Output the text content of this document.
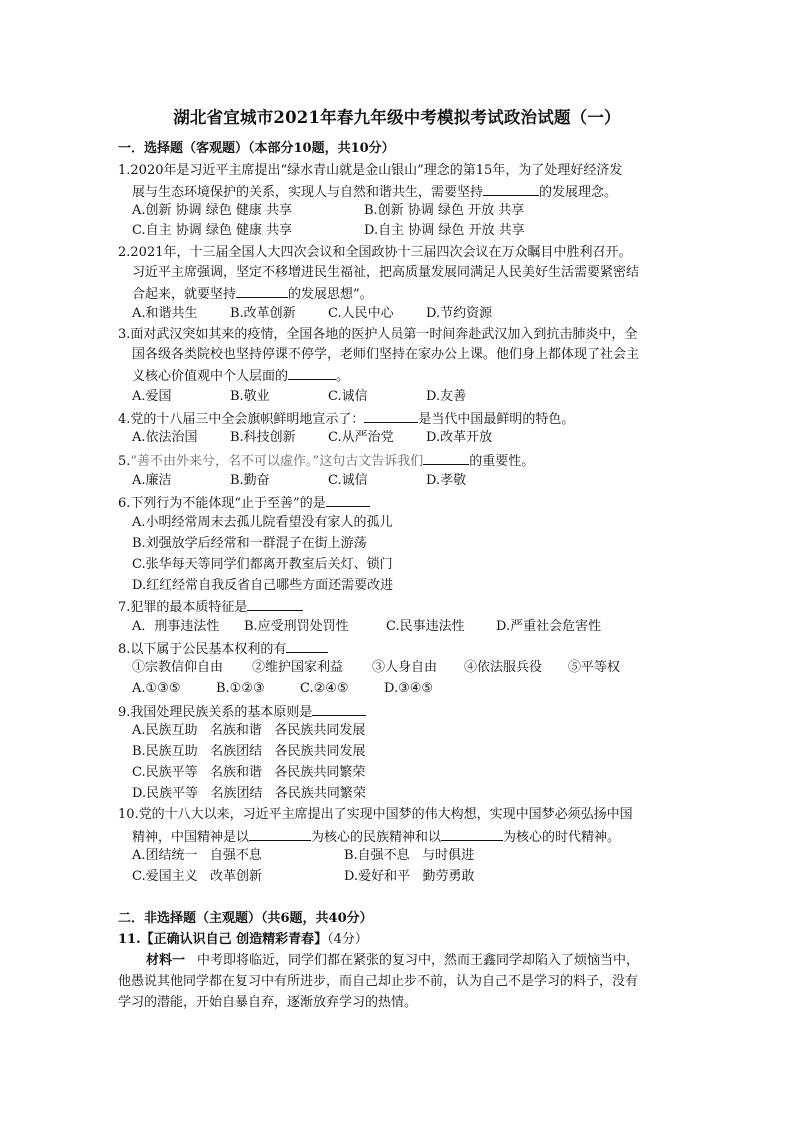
湖北省宜城市2021年春九年级中考模拟考试政治试题（一）
一．选择题（客观题）（本部分10题，共10分）
1.2020年是习近平主席提出“绿水青山就是金山银山”理念的第15年，为了处理好经济发
展与生态环境保护的关系，实现人与自然和谐共生，需要坚持	的发展理念。
A.创新 协调 绿色 健康 共享	B.创新 协调 绿色 开放 共享
C.自主 协调 绿色 健康 共享	D.自主 协调 绿色 开放 共享
2.2021年，十三届全国人大四次会议和全国政协十三届四次会议在万众瞩目中胜利召开。
习近平主席强调，坚定不移增进民生福祉，把高质量发展同满足人民美好生活需要紧密结
合起来，就要坚持	的发展思想”。
A.和谐共生 B.改革创新 C.人民中心 D.节约资源
3.面对武汉突如其来的疫情，全国各地的医护人员第一时间奔赴武汉加入到抗击肺炎中，全
国各级各类院校也坚持停课不停学，老师们坚持在家办公上课。他们身上都体现了社会主
义核心价值观中个人层面的	。
A.爱国	B.敬业	C.诚信	D.友善
4.党的十八届三中全会旗帜鲜明地宣示了：	是当代中国最鲜明的特色。
A.依法治国 B.科技创新 C.从严治党 D.改革开放
5.“善不由外来兮，名不可以虚作。”这句古文告诉我们	的重要性。
A.廉洁	B.勤奋	C.诚信	D.孝敬
6.下列行为不能体现“止于至善”的是
A.小明经常周末去孤儿院看望没有家人的孤儿
B.刘强放学后经常和一群混子在街上游荡
C.张华每天等同学们都离开教室后关灯、锁门
D.红红经常自我反省自己哪些方面还需要改进
7.犯罪的最本质特征是
A．刑事违法性 B.应受刑罚处罚性	C.民事违法性 D.严重社会危害性
8.以下属于公民基本权利的有
①宗教信仰自由 ②维护国家利益 ③人身自由 ④依法服兵役 ⑤平等权
A.①③⑤	B.①②③	C.②④⑤	D.③④⑤
9.我国处理民族关系的基本原则是
A.民族互助   名族和谐   各民族共同发展
B.民族互助   名族团结   各民族共同发展
C.民族平等   名族和谐   各民族共同繁荣
D.民族平等   名族团结   各民族共同繁荣
10.党的十八大以来，习近平主席提出了实现中国梦的伟大构想，实现中国梦必须弘扬中国
精神，中国精神是以	为核心的民族精神和以	为核心的时代精神。
A.团结统一   自强不息	B.自强不息   与时俱进
C.爱国主义   改革创新	D.爱好和平   勤劳勇敢
二．非选择题（主观题）（共6题，共40分）
11.【正确认识自己 创造精彩青春】（4分）
材料一 中考即将临近，同学们都在紧张的复习中，然而王鑫同学却陷入了烦恼当中，
他愚说其他同学都在复习中有所进步，而自己却止步不前，认为自己不是学习的料子，没有
学习的潜能，开始自暴自弃，逐渐放弃学习的热情。
